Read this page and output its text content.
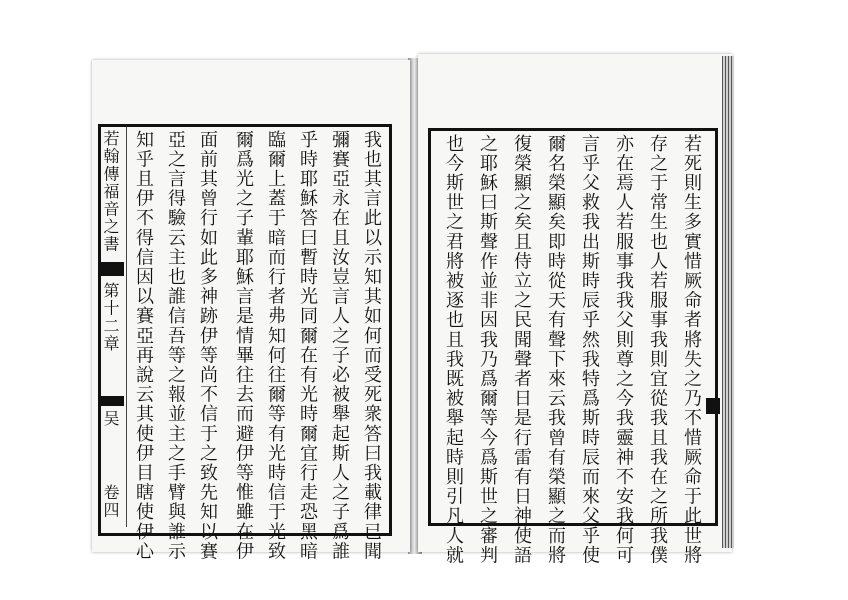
若翰傳福音之書
第十二章
吴
卷四	我也其言此以示知其如何而受死衆答曰我載律已聞
彌賽亞永在且汝豈言人之子必被舉起斯人之子爲誰
乎時耶穌答曰暫時光同爾在有光時爾宜行走恐黑暗
臨爾上蓋于暗而行者弗知何往爾等有光時信于光致
爾爲光之子輩耶穌言是情畢往去而避伊等惟雖在伊
面前其曾行如此多神跡伊等尚不信于之致先知以賽
亞之言得驗云主也誰信吾等之報並主之手臂與誰示
知乎且伊不得信因以賽亞再說云其使伊目瞎使伊心	若死則生多實惜厥命者將失之乃不惜厥命于此世將
存之于常生也人若服事我則宜從我且我在之所我僕
亦在焉人若服事我我父則尊之今我靈神不安我何可
言乎父救我出斯時辰乎然我特爲斯時辰而來父乎使
爾名榮顯矣即時從天有聲下來云我曾有榮顯之而將
復榮顯之矣且侍立之民聞聲者日是行雷有日神使語
之耶穌曰斯聲作並非因我乃爲爾等今爲斯世之審判
也今斯世之君將被逐也且我既被舉起時則引凡人就
